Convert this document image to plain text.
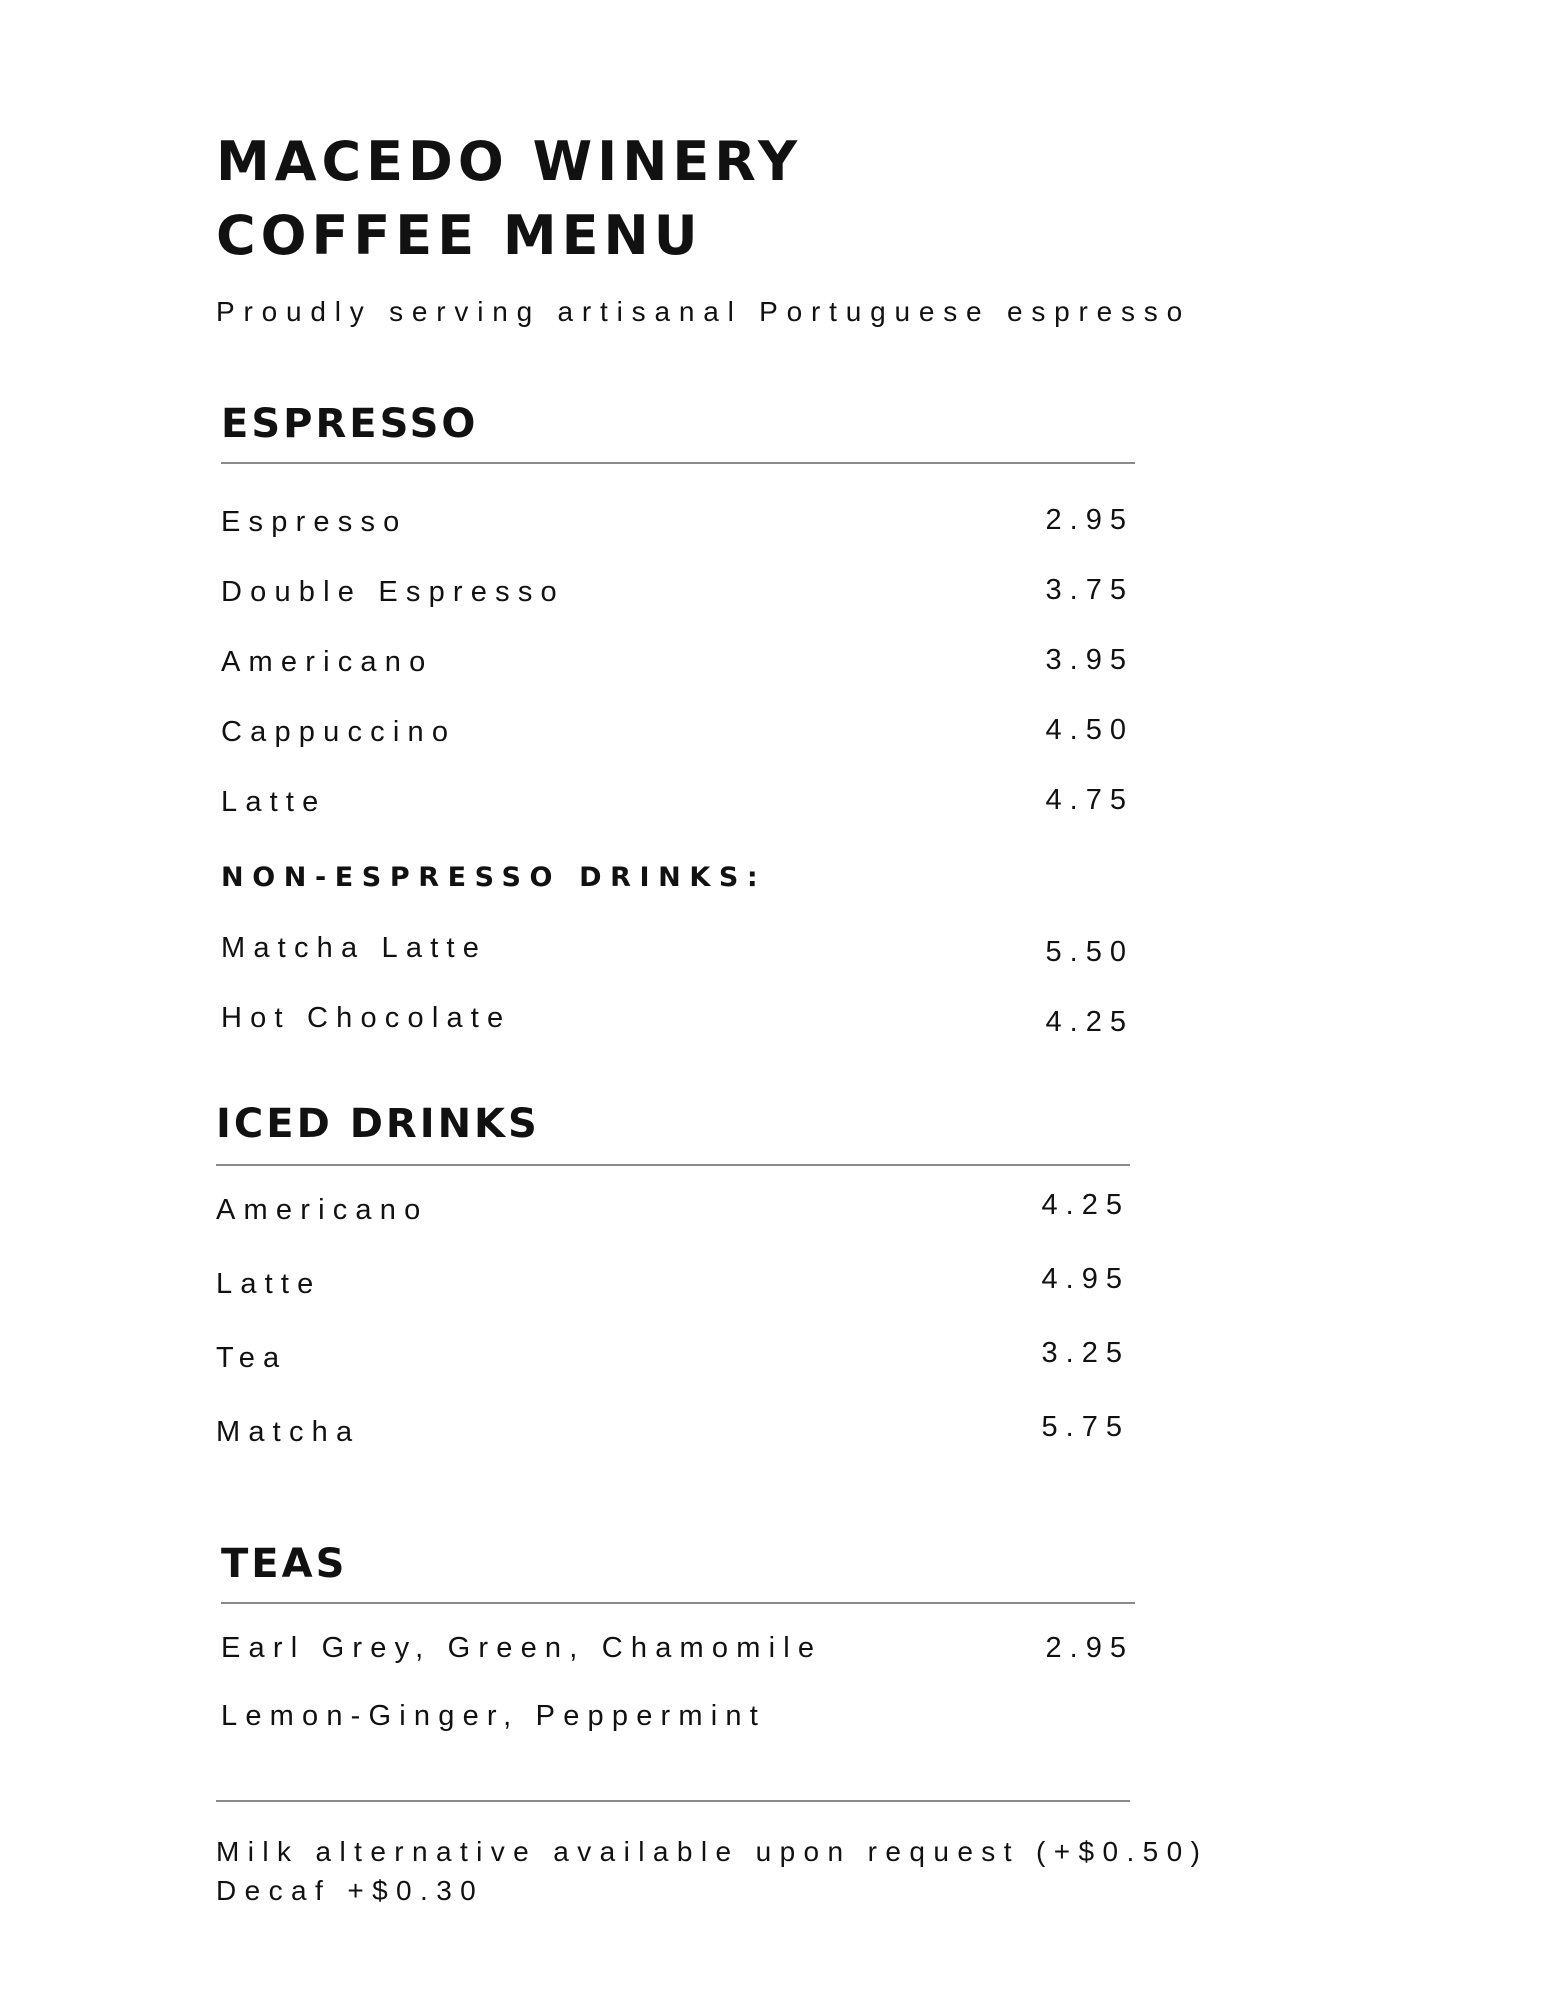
MACEDO WINERY
COFFEE MENU
Proudly serving artisanal Portuguese espresso
ESPRESSO
Espresso	2.95
Double Espresso	3.75
Americano	3.95
Cappuccino	4.50
Latte	4.75
NON-ESPRESSO DRINKS:
Matcha Latte	5.50
Hot Chocolate	4.25
ICED DRINKS
Americano	4.25
Latte	4.95
Tea	3.25
Matcha	5.75
TEAS
Earl Grey, Green, Chamomile	2.95
Lemon-Ginger, Peppermint
Milk alternative available upon request (+$0.50)
Decaf +$0.30
